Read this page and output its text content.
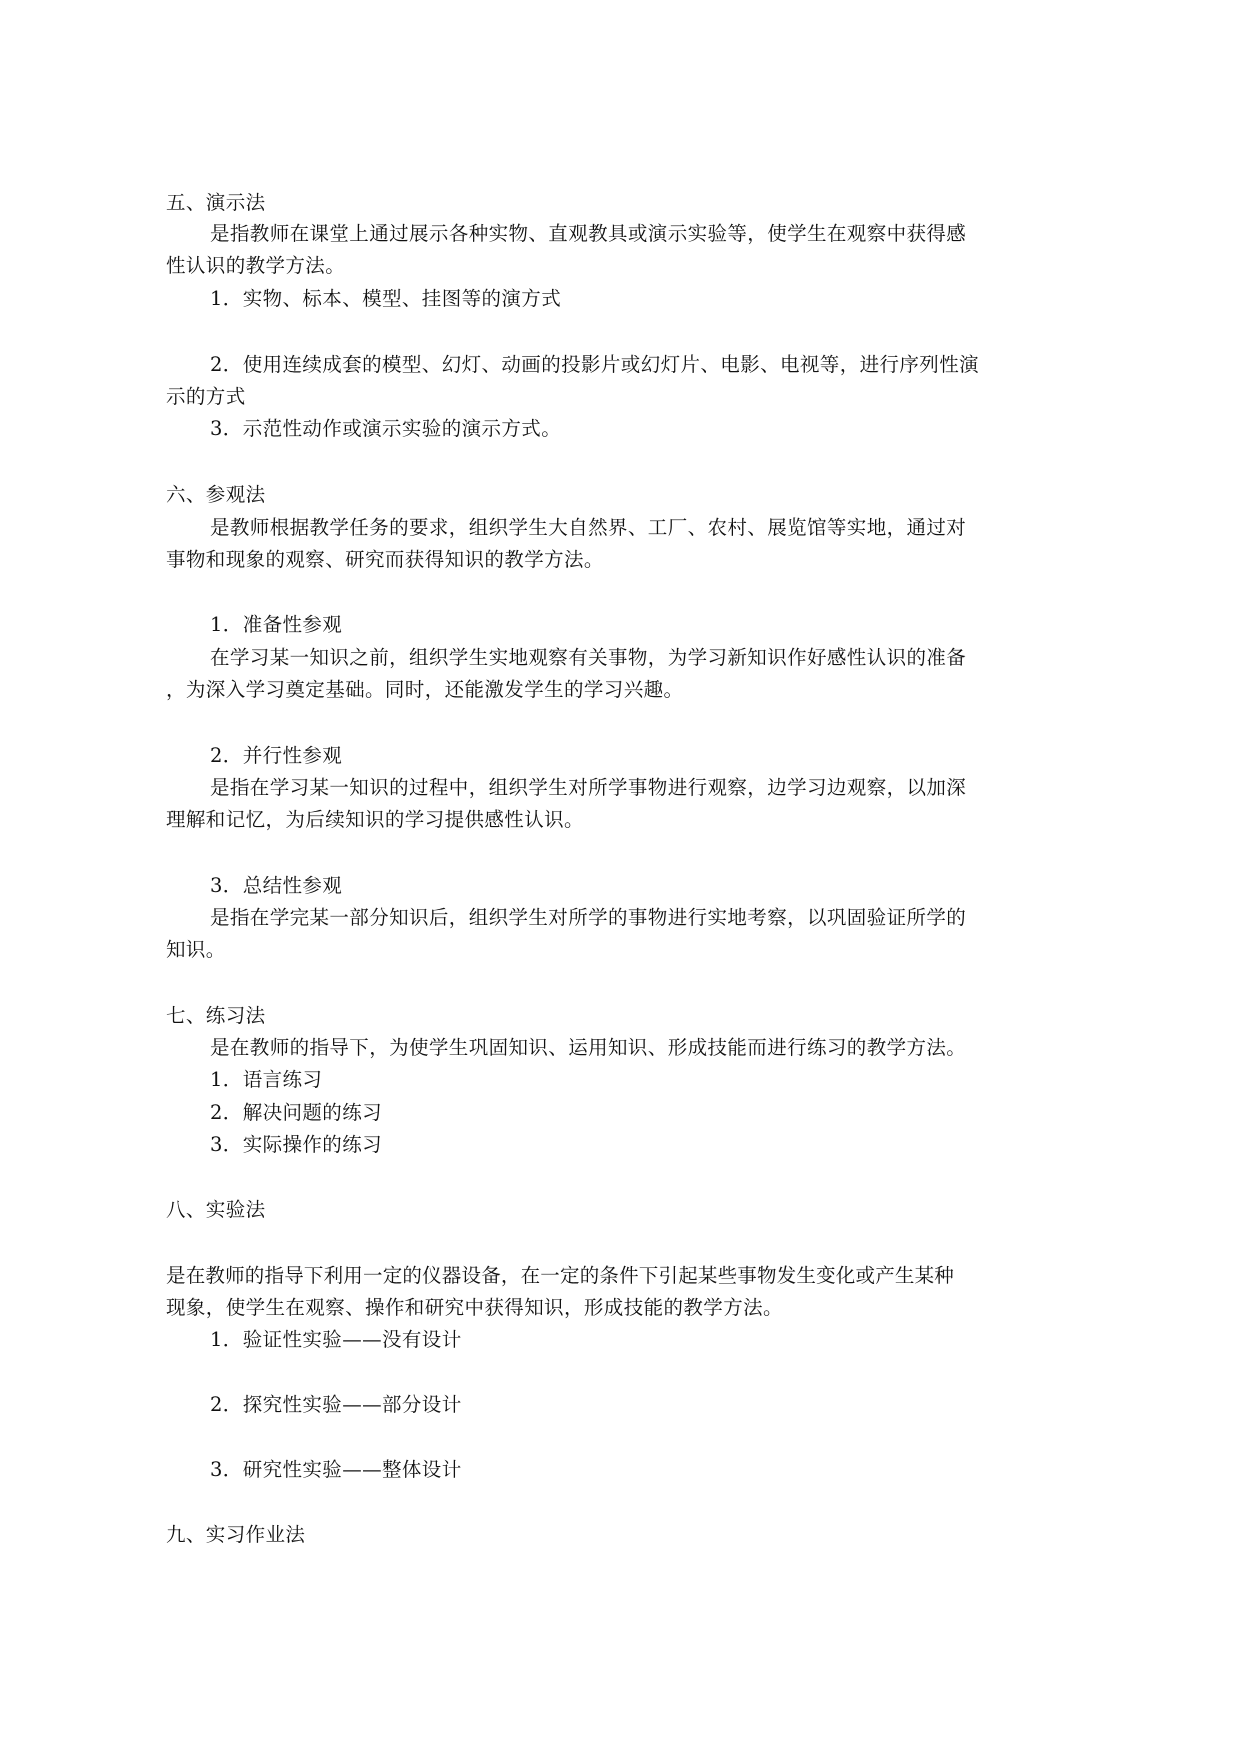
五、演示法
是指教师在课堂上通过展示各种实物、直观教具或演示实验等，使学生在观察中获得感
性认识的教学方法。
1．实物、标本、模型、挂图等的演方式
2．使用连续成套的模型、幻灯、动画的投影片或幻灯片、电影、电视等，进行序列性演
示的方式
3．示范性动作或演示实验的演示方式。
六、参观法
是教师根据教学任务的要求，组织学生大自然界、工厂、农村、展览馆等实地，通过对
事物和现象的观察、研究而获得知识的教学方法。
1．准备性参观
在学习某一知识之前，组织学生实地观察有关事物，为学习新知识作好感性认识的准备
，为深入学习奠定基础。同时，还能激发学生的学习兴趣。
2．并行性参观
是指在学习某一知识的过程中，组织学生对所学事物进行观察，边学习边观察，以加深
理解和记忆，为后续知识的学习提供感性认识。
3．总结性参观
是指在学完某一部分知识后，组织学生对所学的事物进行实地考察，以巩固验证所学的
知识。
七、练习法
是在教师的指导下，为使学生巩固知识、运用知识、形成技能而进行练习的教学方法。
1．语言练习
2．解决问题的练习
3．实际操作的练习
八、实验法
是在教师的指导下利用一定的仪器设备，在一定的条件下引起某些事物发生变化或产生某种
现象，使学生在观察、操作和研究中获得知识，形成技能的教学方法。
1．验证性实验——没有设计
2．探究性实验——部分设计
3．研究性实验——整体设计
九、实习作业法
